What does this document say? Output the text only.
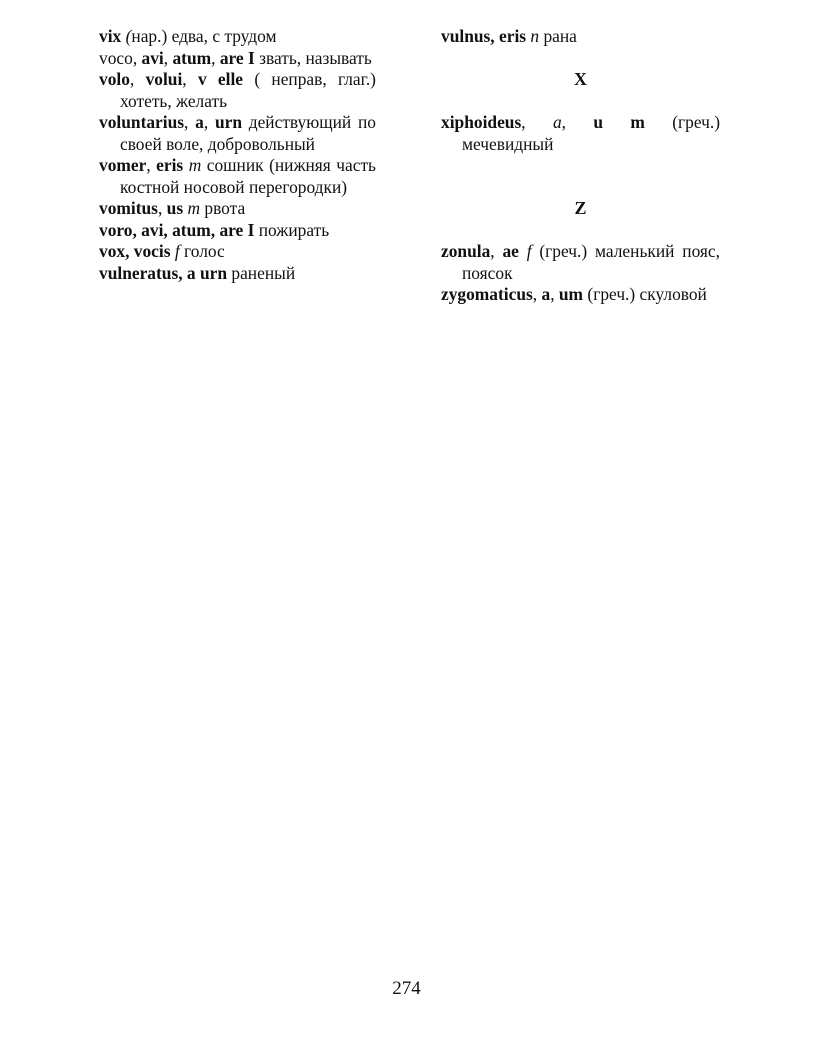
vix (нар.) едва, с трудом

voco, avi, atum, are I звать, называть

volo, volui, v elle ( неправ, глаг.) хотеть, желать

voluntarius, a, urn действующий по своей воле, добровольный

vomer, eris m сошник (нижняя часть костной носовой перегородки)

vomitus, us m рвота

voro, avi, atum, are I пожирать

vox, vocis f голос

vulneratus, a urn раненый

vulnus, eris n рана

X

xiphoideus, a, u m (греч.) мечевидный

Z

zonula, ae f (греч.) маленький пояс, поясок

zygomaticus, a, um (греч.) скуловой

274
